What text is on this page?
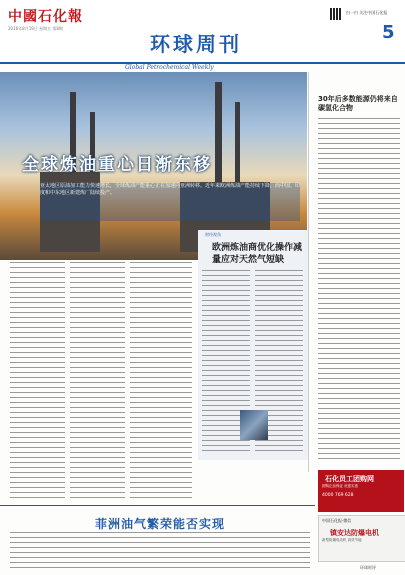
中國石化報
2016年8月19日 星期五 第8期
环球周刊	5
扫一扫 关注中国石化报
Global Petrochemical Weekly
全球炼油重心日渐东移
亚太地区原油加工能力快速增长，全球炼油产能重心正在加速向亚洲转移。近年来欧洲炼油产能持续下降，而中国、印度和中东地区新建炼厂陆续投产。
30年后多数能源仍将来自碳氢化合物
财经视角
欧洲炼油商优化操作减量应对天然气短缺
菲洲油气繁荣能否实现
石化员工团购网
团购正品保证 优惠实惠
4000 769 628
中国石化报·微信
镇安达防爆电机
新型防爆电动机 高效节能
环球时评
